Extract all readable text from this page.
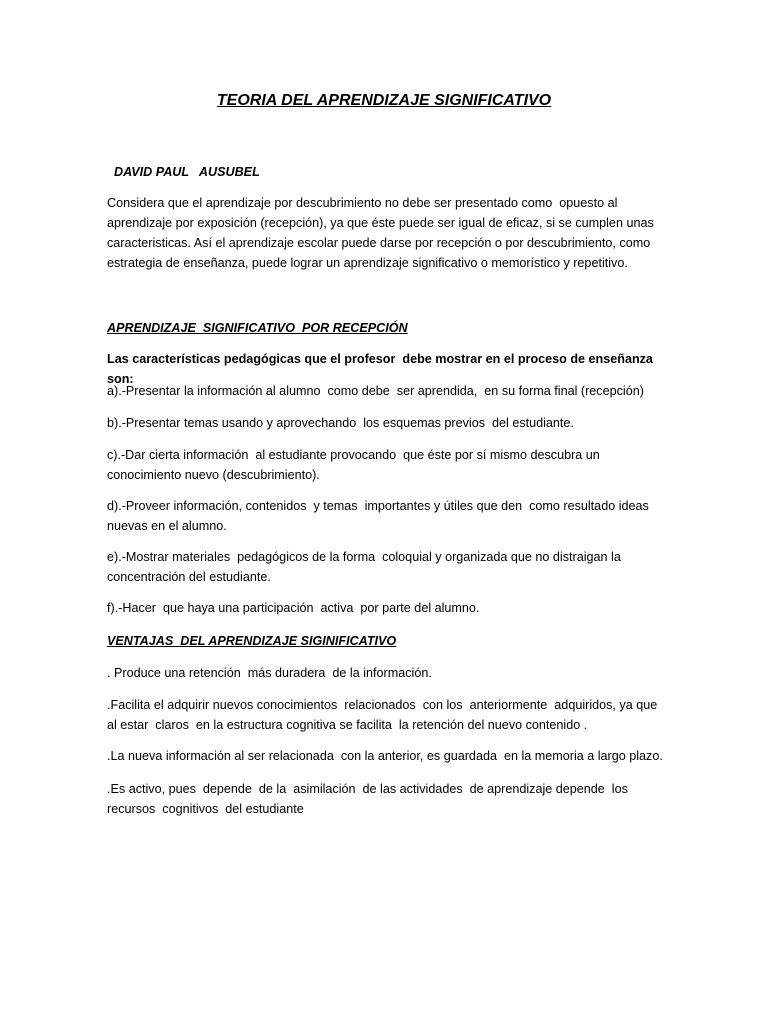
TEORIA DEL APRENDIZAJE SIGNIFICATIVO
DAVID PAUL   AUSUBEL

Considera que el aprendizaje por descubrimiento no debe ser presentado como  opuesto al aprendizaje por exposición (recepción), ya que éste puede ser igual de eficaz, si se cumplen unas caracteristicas. Así el aprendizaje escolar puede darse por recepción o por descubrimiento, como estrategia de enseñanza, puede lograr un aprendizaje significativo o memorístico y repetitivo.

APRENDIZAJE  SIGNIFICATIVO  POR RECEPCIÓN

Las características pedagógicas que el profesor  debe mostrar en el proceso de enseñanza  son:

a).-Presentar la información al alumno  como debe  ser aprendida,  en su forma final (recepción)

b).-Presentar temas usando y aprovechando  los esquemas previos  del estudiante.

c).-Dar cierta información  al estudiante provocando  que éste por sí mismo descubra un conocimiento nuevo (descubrimiento).

d).-Proveer información, contenidos  y temas  importantes y útiles que den  como resultado ideas nuevas en el alumno.

e).-Mostrar materiales  pedagógicos de la forma  coloquial y organizada que no distraigan la concentración del estudiante.

f).-Hacer  que haya una participación  activa  por parte del alumno.

VENTAJAS  DEL APRENDIZAJE SIGINIFICATIVO

. Produce una retención  más duradera  de la información.

.Facilita el adquirir nuevos conocimientos  relacionados  con los  anteriormente  adquiridos, ya que al estar  claros  en la estructura cognitiva se facilita  la retención del nuevo contenido .

.La nueva información al ser relacionada  con la anterior, es guardada  en la memoria a largo plazo.

.Es activo, pues  depende  de la  asimilación  de las actividades  de aprendizaje depende  los recursos  cognitivos  del estudiante
